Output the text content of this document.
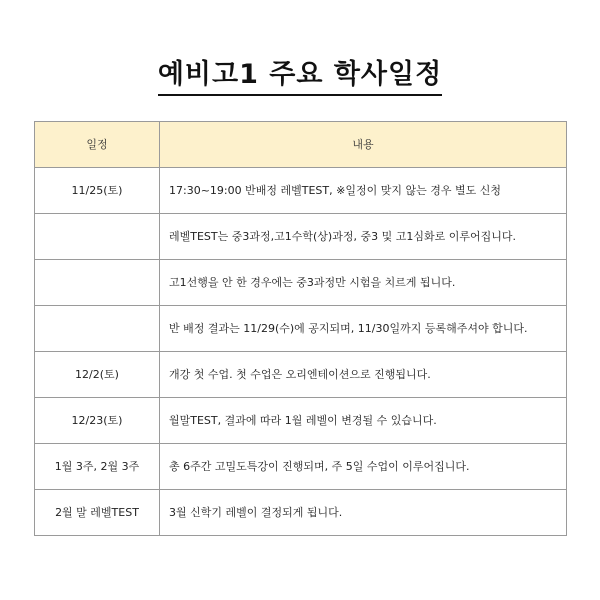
예비고1 주요 학사일정
일정	내용
11/25(토)	17:30~19:00 반배정 레벨TEST, ※일정이 맞지 않는 경우 별도 신청
	레벨TEST는 중3과정,고1수학(상)과정, 중3 및 고1심화로 이루어집니다.
	고1선행을 안 한 경우에는 중3과정만 시험을 치르게 됩니다.
	반 배정 결과는 11/29(수)에 공지되며, 11/30일까지 등록해주셔야 합니다.
12/2(토)	개강 첫 수업. 첫 수업은 오리엔테이션으로 진행됩니다.
12/23(토)	월말TEST, 결과에 따라 1월 레벨이 변경될 수 있습니다.
1월 3주, 2월 3주	총 6주간 고밀도특강이 진행되며, 주 5일 수업이 이루어집니다.
2월 말 레벨TEST	3월 신학기 레벨이 결정되게 됩니다.
